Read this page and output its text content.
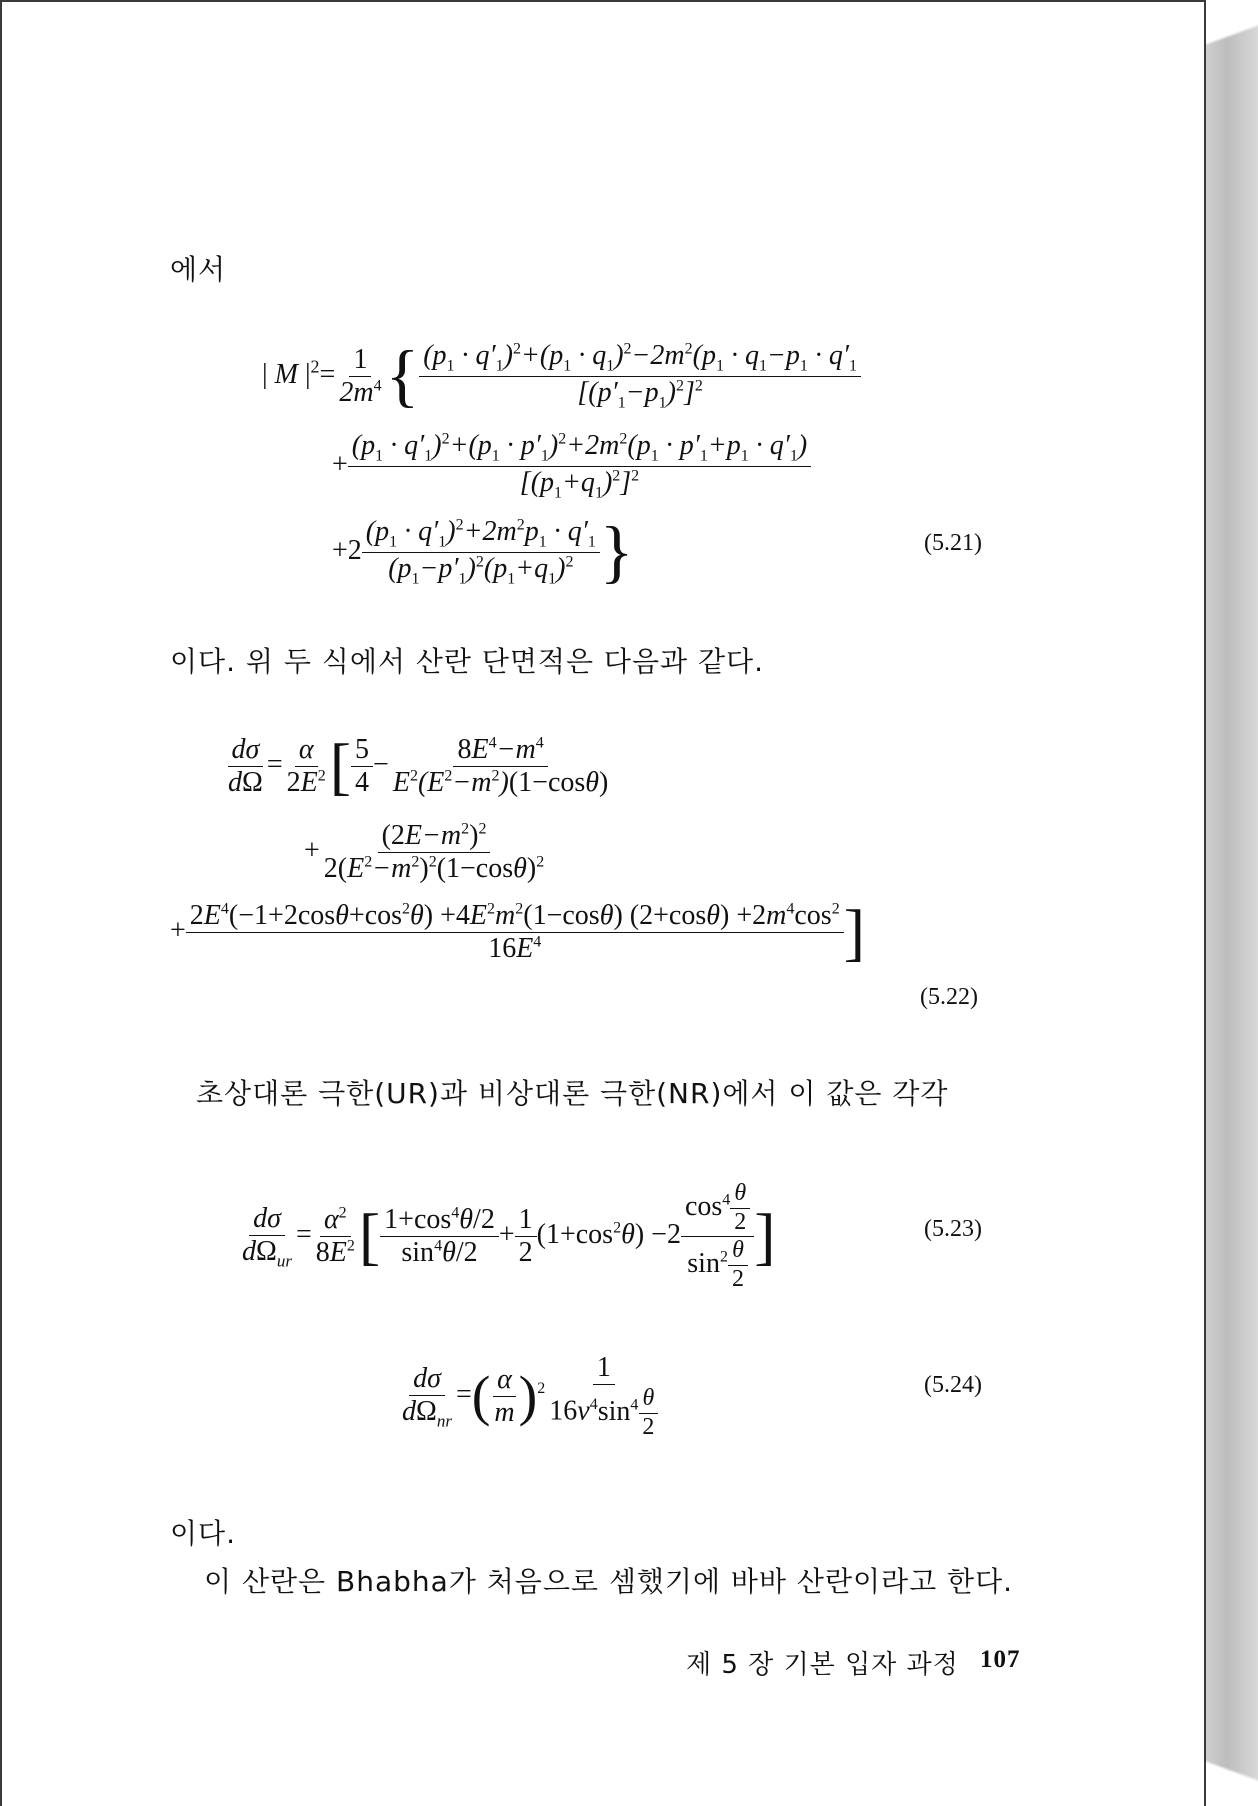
에서
| M $|^2= \frac{1}{2m^4}$ { $\frac{(p_1 \cdot q'_1)^2+(p_1 \cdot q_1)^2-2m^2(p_1 \cdot q_1-p_1 \cdot q'_1}{[(p'_1-p_1)^2]^2}$
+ $\frac{(p_1 \cdot q'_1)^2+(p_1 \cdot p'_1)^2+2m^2(p_1 \cdot p'_1+p_1 \cdot q'_1)}{[(p_1+q_1)^2]^2}$
$+2 \frac{(p_1 \cdot q'_1)^2+2m^2p_1 \cdot q'_1}{(p_1-p'_1)^2(p_1+q_1)^2}$ }	(5.21)
이다. 위 두 식에서 산란 단면적은 다음과 같다.
$\frac{d\sigma}{d\Omega} = \frac{\alpha}{2E^2}$ [ $\frac{5}{4} - \frac{8E^4-m^4}{E^2(E^2-m^2)(1-\cos\theta)}$
+ $\frac{(2E-m^2)^2}{2(E^2-m^2)^2(1-\cos\theta)^2}$
+ $\frac{2E^4(-1+2\cos\theta+\cos^2\theta) +4E^2m^2(1-\cos\theta) (2+\cos\theta) +2m^4\cos^2}{16E^4}$ ]
(5.22)
초상대론 극한(UR)과 비상대론 극한(NR)에서 이 값은 각각
$\frac{d\sigma}{d\Omega_{ur}} = \frac{\alpha^2}{8E^2}$ [ $\frac{1+\cos^4\theta/2}{\sin^4\theta/2} + \frac{1}{2} (1+\cos^2\theta) -2 \frac{\cos^4 \frac{\theta}{2}}{\sin^2 \frac{\theta}{2}}$ ]	(5.23)
$\frac{d\sigma}{d\Omega_{nr}}$ =( $\frac{\alpha}{m} )^2 \frac{1}{16v^4\sin^4 \frac{\theta}{2}}$	(5.24)
이다.
이 산란은 Bhabha가 처음으로 셈했기에 바바 산란이라고 한다.
제 5 장 기본 입자 과정 107
